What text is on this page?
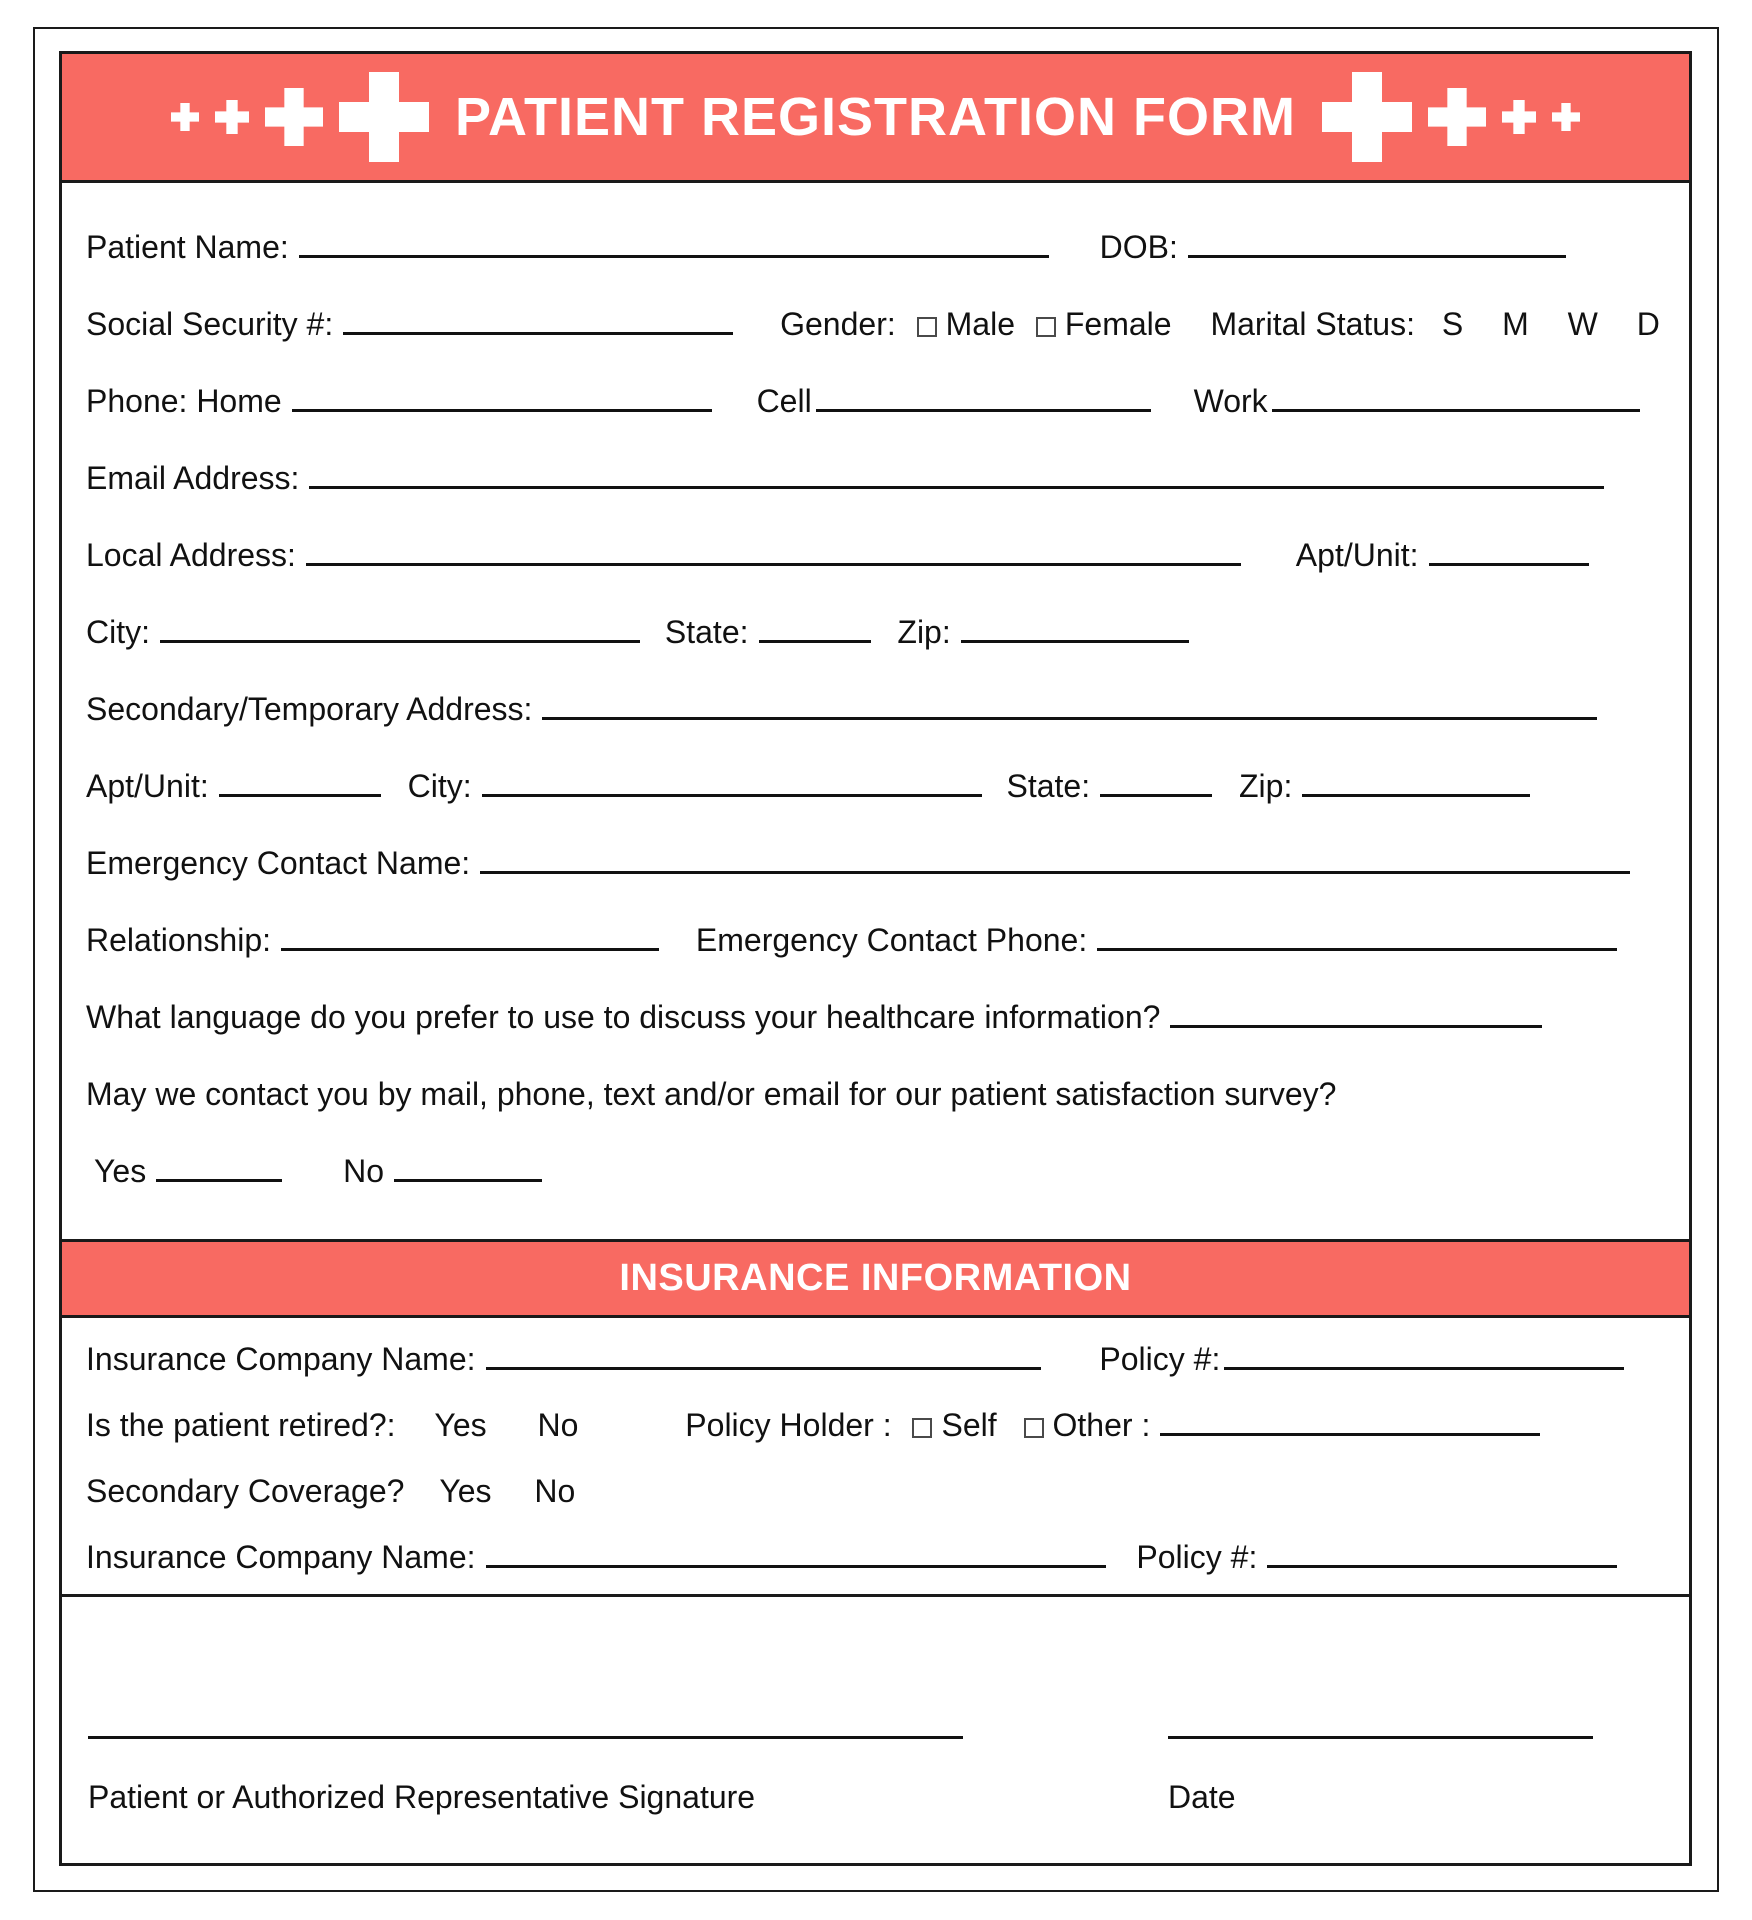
PATIENT REGISTRATION FORM
Patient Name:	DOB:
Social Security #:	Gender: Male Female Marital Status: S M W D
Phone: Home	Cell	Work
Email Address:
Local Address:	Apt/Unit:
City:	State:	Zip:
Secondary/Temporary Address:
Apt/Unit:	City:	State:	Zip:
Emergency Contact Name:
Relationship:	Emergency Contact Phone:
What language do you prefer to use to discuss your healthcare information?
May we contact you by mail, phone, text and/or email for our patient satisfaction survey?
Yes	No
INSURANCE INFORMATION
Insurance Company Name:	Policy #:
Is the patient retired?: Yes No	Policy Holder : Self Other :
Secondary Coverage? Yes No
Insurance Company Name:	Policy #:
Patient or Authorized Representative Signature	Date
